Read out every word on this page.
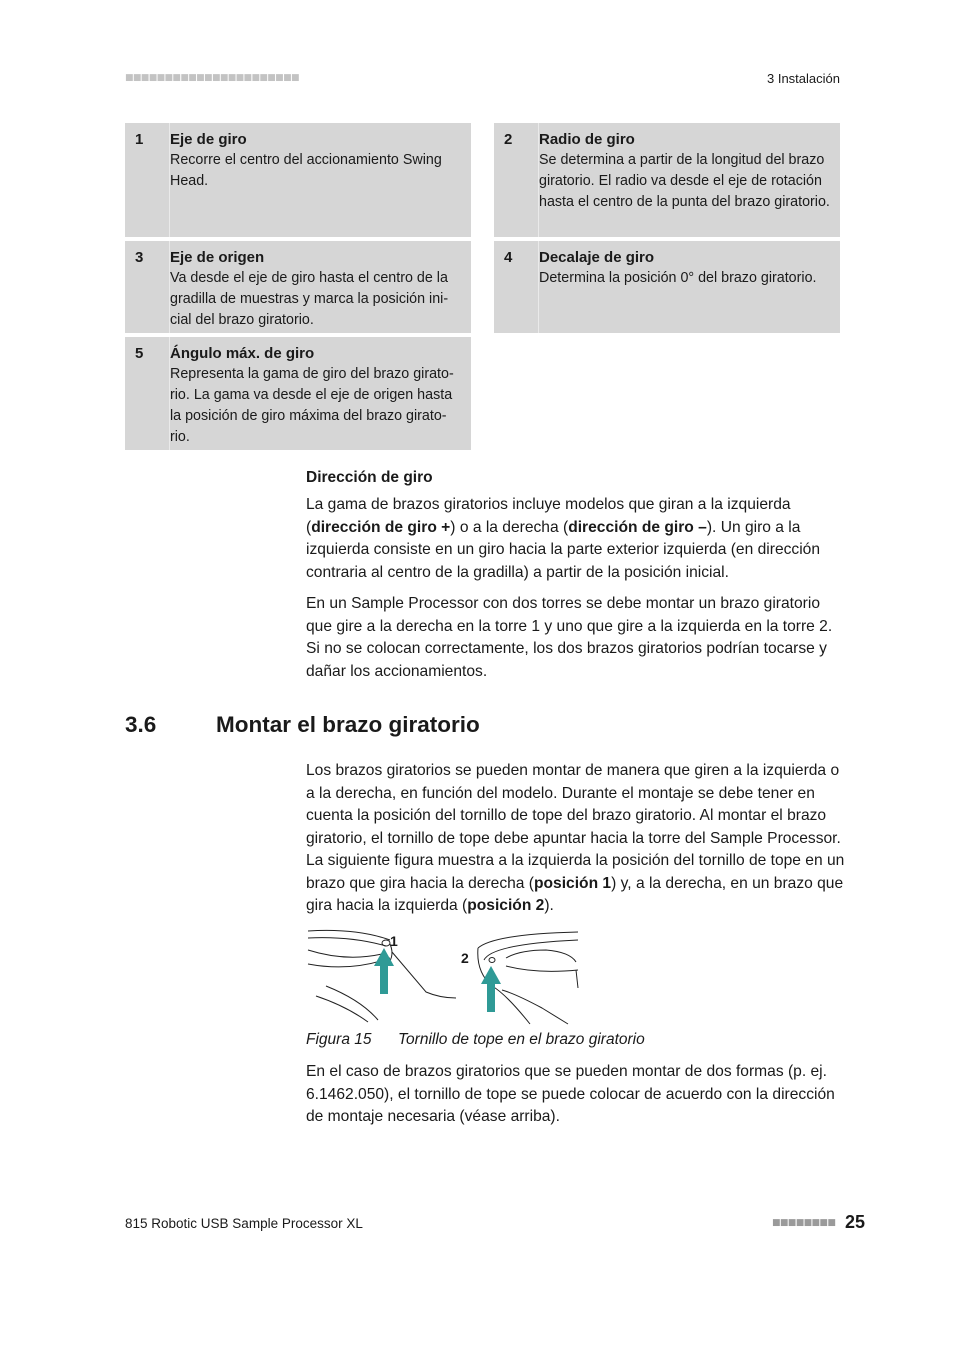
■■■■■■■■■■■■■■■■■■■■■■	3 Instalación
1	Eje de giro
Recorre el centro del accionamiento Swing Head.
2	Radio de giro
Se determina a partir de la longitud del brazo giratorio. El radio va desde el eje de rotación hasta el centro de la punta del brazo giratorio.
3	Eje de origen
Va desde el eje de giro hasta el centro de la gradilla de muestras y marca la posición ini-cial del brazo giratorio.
4	Decalaje de giro
Determina la posición 0° del brazo giratorio.
5	Ángulo máx. de giro
Representa la gama de giro del brazo girato-rio. La gama va desde el eje de origen hasta la posición de giro máxima del brazo girato-rio.
Dirección de giro

La gama de brazos giratorios incluye modelos que giran a la izquierda (dirección de giro +) o a la derecha (dirección de giro –). Un giro a la izquierda consiste en un giro hacia la parte exterior izquierda (en dirección contraria al centro de la gradilla) a partir de la posición inicial.

En un Sample Processor con dos torres se debe montar un brazo giratorio que gire a la derecha en la torre 1 y uno que gire a la izquierda en la torre 2. Si no se colocan correctamente, los dos brazos giratorios podrían tocarse y dañar los accionamientos.

3.6	Montar el brazo giratorio

Los brazos giratorios se pueden montar de manera que giren a la izquierda o a la derecha, en función del modelo. Durante el montaje se debe tener en cuenta la posición del tornillo de tope del brazo giratorio. Al montar el brazo giratorio, el tornillo de tope debe apuntar hacia la torre del Sample Processor. La siguiente figura muestra a la izquierda la posición del tornillo de tope en un brazo que gira hacia la derecha (posición 1) y, a la derecha, en un brazo que gira hacia la izquierda (posición 2).

1
2
Figura 15 Tornillo de tope en el brazo giratorio

En el caso de brazos giratorios que se pueden montar de dos formas (p. ej. 6.1462.050), el tornillo de tope se puede colocar de acuerdo con la dirección de montaje necesaria (véase arriba).

815 Robotic USB Sample Processor XL	■■■■■■■■ 25
